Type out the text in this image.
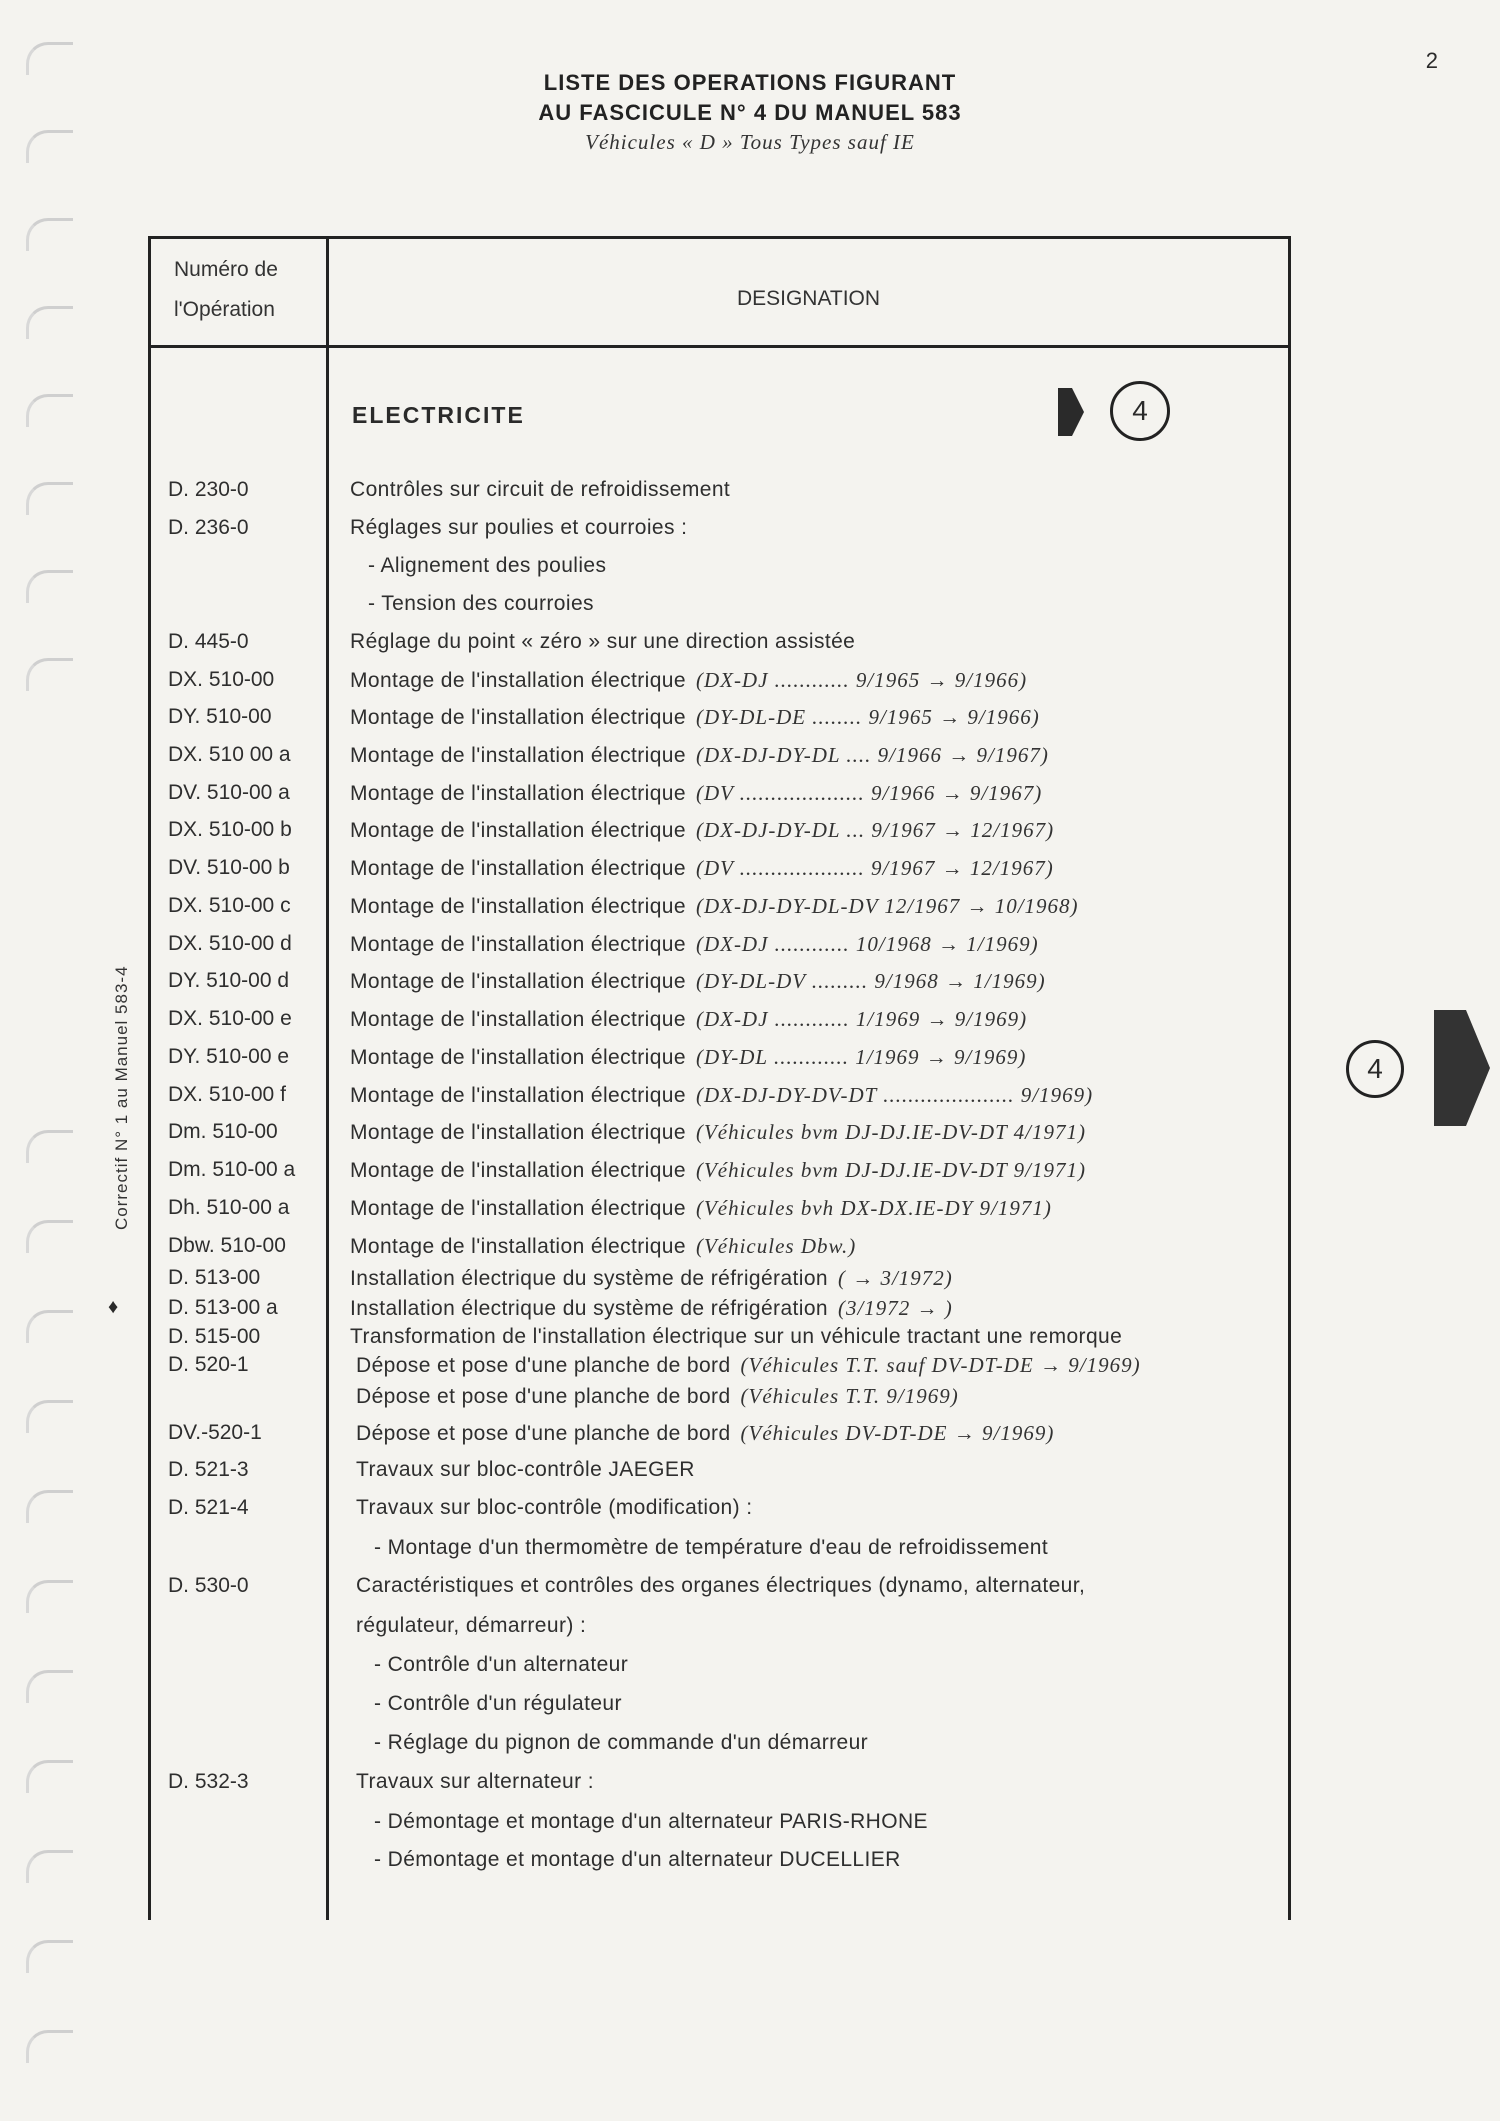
2
LISTE DES OPERATIONS FIGURANT
AU FASCICULE N° 4 DU MANUEL 583
Véhicules « D » Tous Types sauf IE
Numéro de
l'Opération	DESIGNATION
ELECTRICITE	4
D. 230-0	Contrôles sur circuit de refroidissement
D. 236-0	Réglages sur poulies et courroies :
- Alignement des poulies
- Tension des courroies
D. 445-0	Réglage du point « zéro » sur une direction assistée
DX. 510-00	Montage de l'installation électrique (DX-DJ ............ 9/1965 → 9/1966)
DY. 510-00	Montage de l'installation électrique (DY-DL-DE ........ 9/1965 → 9/1966)
DX. 510 00 a	Montage de l'installation électrique (DX-DJ-DY-DL .... 9/1966 → 9/1967)
DV. 510-00 a	Montage de l'installation électrique (DV .................... 9/1966 → 9/1967)
DX. 510-00 b	Montage de l'installation électrique (DX-DJ-DY-DL ... 9/1967 → 12/1967)
DV. 510-00 b	Montage de l'installation électrique (DV .................... 9/1967 → 12/1967)
DX. 510-00 c	Montage de l'installation électrique (DX-DJ-DY-DL-DV 12/1967 → 10/1968)
DX. 510-00 d	Montage de l'installation électrique (DX-DJ ............ 10/1968 → 1/1969)
DY. 510-00 d	Montage de l'installation électrique (DY-DL-DV ......... 9/1968 → 1/1969)
DX. 510-00 e	Montage de l'installation électrique (DX-DJ ............ 1/1969 → 9/1969)
DY. 510-00 e	Montage de l'installation électrique (DY-DL ............ 1/1969 → 9/1969)
DX. 510-00 f	Montage de l'installation électrique (DX-DJ-DY-DV-DT ..................... 9/1969)
Dm. 510-00	Montage de l'installation électrique (Véhicules bvm DJ-DJ.IE-DV-DT 4/1971)
Dm. 510-00 a	Montage de l'installation électrique (Véhicules bvm DJ-DJ.IE-DV-DT 9/1971)
Dh. 510-00 a	Montage de l'installation électrique (Véhicules bvh DX-DX.IE-DY 9/1971)
Dbw. 510-00	Montage de l'installation électrique (Véhicules Dbw.)
D. 513-00	Installation électrique du système de réfrigération ( → 3/1972)
D. 513-00 a	Installation électrique du système de réfrigération (3/1972 → )
D. 515-00	Transformation de l'installation électrique sur un véhicule tractant une remorque
D. 520-1	Dépose et pose d'une planche de bord (Véhicules T.T. sauf DV-DT-DE → 9/1969)
Dépose et pose d'une planche de bord (Véhicules T.T. 9/1969)
DV.-520-1	Dépose et pose d'une planche de bord (Véhicules DV-DT-DE → 9/1969)
D. 521-3	Travaux sur bloc-contrôle JAEGER
D. 521-4	Travaux sur bloc-contrôle (modification) :
- Montage d'un thermomètre de température d'eau de refroidissement
D. 530-0	Caractéristiques et contrôles des organes électriques (dynamo, alternateur,
régulateur, démarreur) :
- Contrôle d'un alternateur
- Contrôle d'un régulateur
- Réglage du pignon de commande d'un démarreur
D. 532-3	Travaux sur alternateur :
- Démontage et montage d'un alternateur PARIS-RHONE
- Démontage et montage d'un alternateur DUCELLIER
Correctif N° 1 au Manuel 583-4
♦
4
